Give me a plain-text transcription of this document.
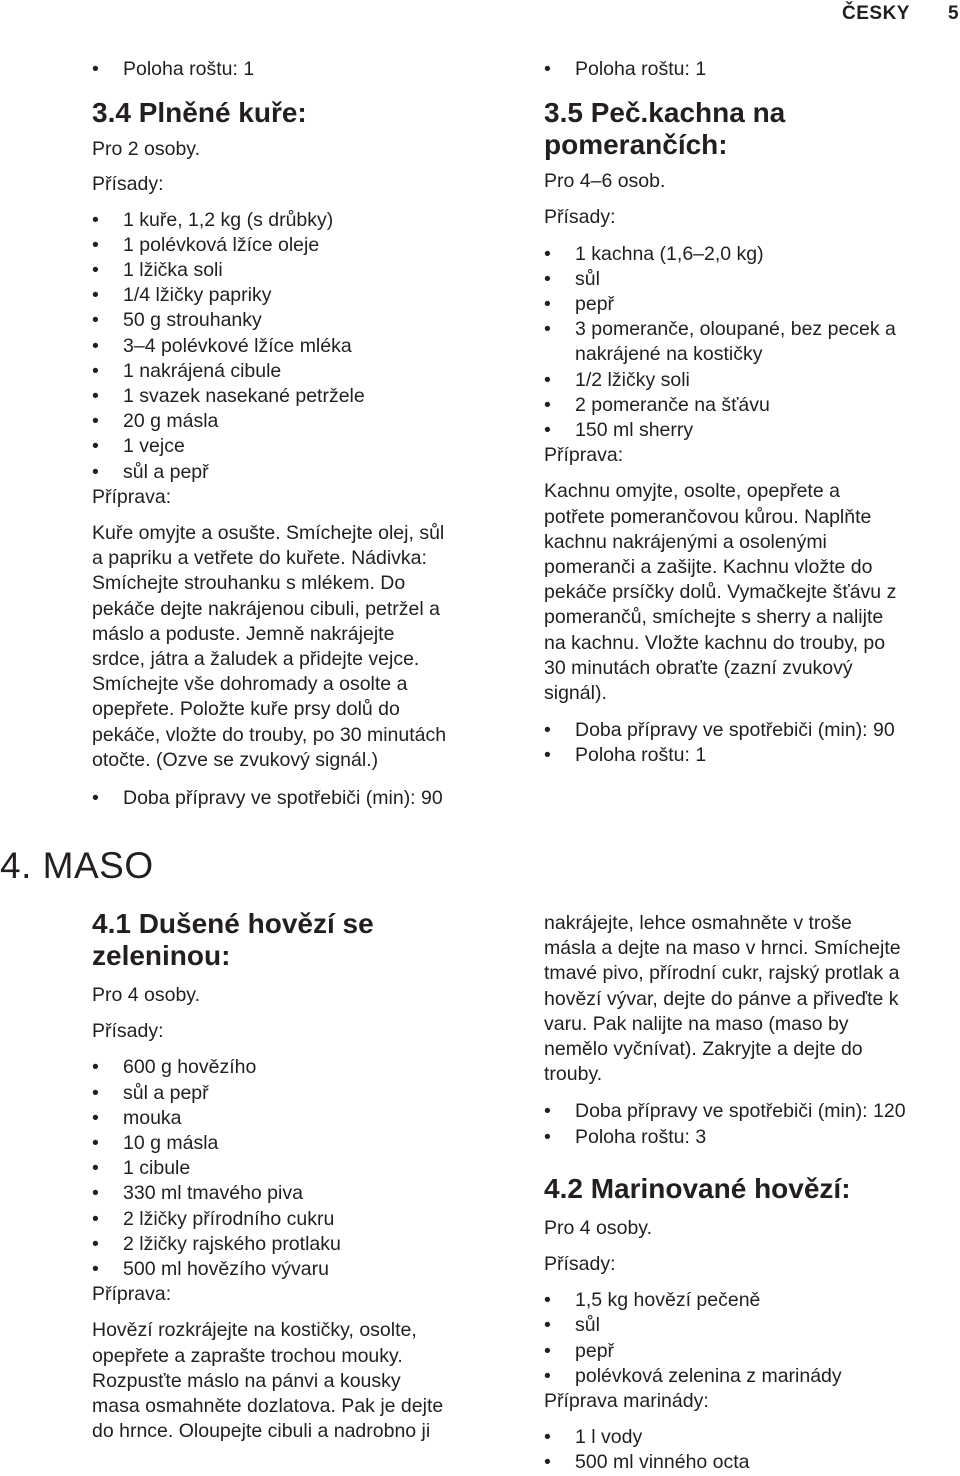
ČESKY 5
• Poloha roštu: 1
3.4 Plněné kuře:
Pro 2 osoby.
Přísady:
• 1 kuře, 1,2 kg (s drůbky)
• 1 polévková lžíce oleje
• 1 lžička soli
• 1/4 lžičky papriky
• 50 g strouhanky
• 3–4 polévkové lžíce mléka
• 1 nakrájená cibule
• 1 svazek nasekané petržele
• 20 g másla
• 1 vejce
• sůl a pepř
Příprava:
Kuře omyjte a osušte. Smíchejte olej, sůl
a papriku a vetřete do kuřete. Nádivka:
Smíchejte strouhanku s mlékem. Do
pekáče dejte nakrájenou cibuli, petržel a
máslo a poduste. Jemně nakrájejte
srdce, játra a žaludek a přidejte vejce.
Smíchejte vše dohromady a osolte a
opepřete. Položte kuře prsy dolů do
pekáče, vložte do trouby, po 30 minutách
otočte. (Ozve se zvukový signál.)
• Doba přípravy ve spotřebiči (min): 90
• Poloha roštu: 1
3.5 Peč.kachna na
pomerančích:
Pro 4–6 osob.
Přísady:
• 1 kachna (1,6–2,0 kg)
• sůl
• pepř
• 3 pomeranče, oloupané, bez pecek a nakrájené na kostičky
• 1/2 lžičky soli
• 2 pomeranče na šťávu
• 150 ml sherry
Příprava:
Kachnu omyjte, osolte, opepřete a
potřete pomerančovou kůrou. Naplňte
kachnu nakrájenými a osolenými
pomeranči a zašijte. Kachnu vložte do
pekáče prsíčky dolů. Vymačkejte šťávu z
pomerančů, smíchejte s sherry a nalijte
na kachnu. Vložte kachnu do trouby, po
30 minutách obraťte (zazní zvukový
signál).
• Doba přípravy ve spotřebiči (min): 90
• Poloha roštu: 1
4. MASO
4.1 Dušené hovězí se
zeleninou:
Pro 4 osoby.
Přísady:
• 600 g hovězího
• sůl a pepř
• mouka
• 10 g másla
• 1 cibule
• 330 ml tmavého piva
• 2 lžičky přírodního cukru
• 2 lžičky rajského protlaku
• 500 ml hovězího vývaru
Příprava:
Hovězí rozkrájejte na kostičky, osolte,
opepřete a zaprašte trochou mouky.
Rozpusťte máslo na pánvi a kousky
masa osmahněte dozlatova. Pak je dejte
do hrnce. Oloupejte cibuli a nadrobno ji
nakrájejte, lehce osmahněte v troše
másla a dejte na maso v hrnci. Smíchejte
tmavé pivo, přírodní cukr, rajský protlak a
hovězí vývar, dejte do pánve a přiveďte k
varu. Pak nalijte na maso (maso by
nemělo vyčnívat). Zakryjte a dejte do
trouby.
• Doba přípravy ve spotřebiči (min): 120
• Poloha roštu: 3
4.2 Marinované hovězí:
Pro 4 osoby.
Přísady:
• 1,5 kg hovězí pečeně
• sůl
• pepř
• polévková zelenina z marinády
Příprava marinády:
• 1 l vody
• 500 ml vinného octa
